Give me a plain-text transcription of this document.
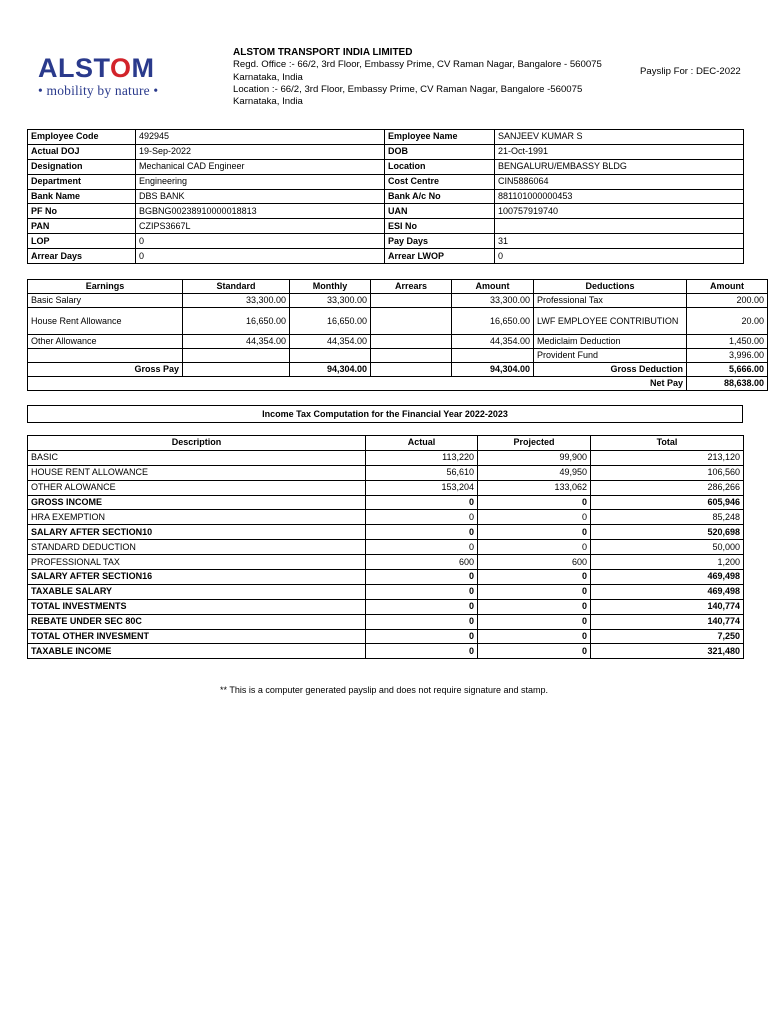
ALSTOM
• mobility by nature •
ALSTOM TRANSPORT INDIA LIMITED
Regd. Office :- 66/2, 3rd Floor, Embassy Prime, CV Raman Nagar, Bangalore - 560075 Karnataka, India
Location :- 66/2, 3rd Floor, Embassy Prime, CV Raman Nagar, Bangalore -560075 Karnataka, India
Payslip For : DEC-2022
Employee Code	492945	Employee Name	SANJEEV KUMAR S
Actual DOJ	19-Sep-2022	DOB	21-Oct-1991
Designation	Mechanical CAD Engineer	Location	BENGALURU/EMBASSY BLDG
Department	Engineering	Cost Centre	CIN5886064
Bank Name	DBS BANK	Bank A/c No	881101000000453
PF No	BGBNG00238910000018813	UAN	100757919740
PAN	CZIPS3667L	ESI No	
LOP	0	Pay Days	31
Arrear Days	0	Arrear LWOP	0
Earnings	Standard	Monthly	Arrears	Amount	Deductions	Amount
Basic Salary	33,300.00	33,300.00		33,300.00	Professional Tax	200.00
House Rent Allowance	16,650.00	16,650.00		16,650.00	LWF EMPLOYEE CONTRIBUTION	20.00
Other Allowance	44,354.00	44,354.00		44,354.00	Mediclaim Deduction	1,450.00
					Provident Fund	3,996.00
Gross Pay		94,304.00		94,304.00	Gross Deduction	5,666.00
Net Pay						88,638.00
Income Tax Computation for the Financial Year 2022-2023
Description	Actual	Projected	Total
BASIC	113,220	99,900	213,120
HOUSE RENT ALLOWANCE	56,610	49,950	106,560
OTHER ALOWANCE	153,204	133,062	286,266
GROSS INCOME	0	0	605,946
HRA EXEMPTION	0	0	85,248
SALARY AFTER SECTION10	0	0	520,698
STANDARD DEDUCTION	0	0	50,000
PROFESSIONAL TAX	600	600	1,200
SALARY AFTER SECTION16	0	0	469,498
TAXABLE SALARY	0	0	469,498
TOTAL INVESTMENTS	0	0	140,774
REBATE UNDER SEC 80C	0	0	140,774
TOTAL OTHER INVESMENT	0	0	7,250
TAXABLE INCOME	0	0	321,480
** This is a computer generated payslip and does not require signature and stamp.
